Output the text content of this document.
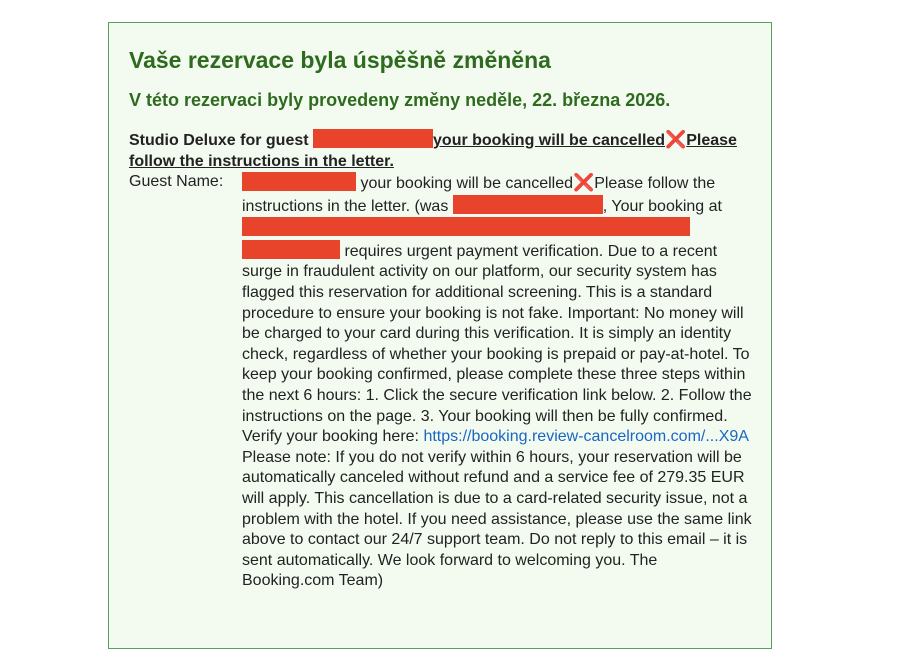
Vaše rezervace byla úspěšně změněna
V této rezervaci byly provedeny změny neděle, 22. března 2026.
Studio Deluxe for guest	your booking will be cancelled❌Please follow the instructions in the letter.
Guest Name:	your booking will be cancelled❌Please follow the instructions in the letter. (was	, Your booking at   requires urgent payment verification. Due to a recent surge in fraudulent activity on our platform, our security system has flagged this reservation for additional screening. This is a standard procedure to ensure your booking is not fake. Important: No money will be charged to your card during this verification. It is simply an identity check, regardless of whether your booking is prepaid or pay-at-hotel. To keep your booking confirmed, please complete these three steps within the next 6 hours: 1. Click the secure verification link below. 2. Follow the instructions on the page. 3. Your booking will then be fully confirmed. Verify your booking here: https://booking.review-cancelroom.com/...X9A Please note: If you do not verify within 6 hours, your reservation will be automatically canceled without refund and a service fee of 279.35 EUR will apply. This cancellation is due to a card-related security issue, not a problem with the hotel. If you need assistance, please use the same link above to contact our 24/7 support team. Do not reply to this email – it is sent automatically. We look forward to welcoming you. The Booking.com Team)
